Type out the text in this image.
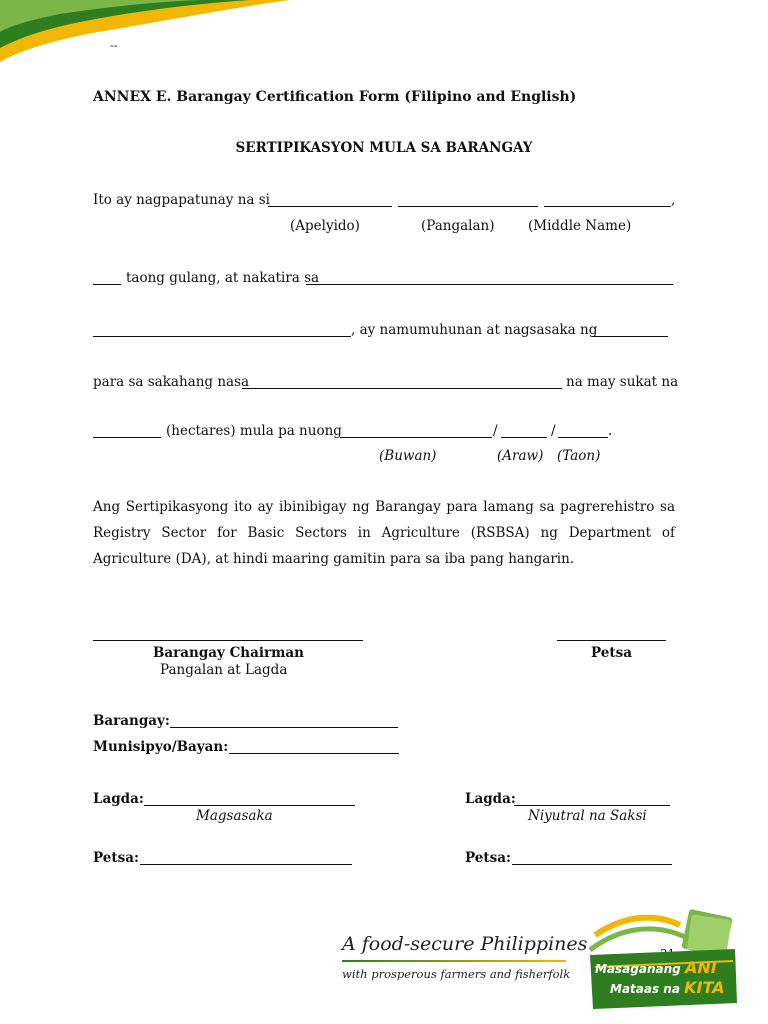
--
ANNEX E. Barangay Certification Form (Filipino and English)
SERTIPIKASYON MULA SA BARANGAY
Ito ay nagpapatunay na si	,
(Apelyido)	(Pangalan) (Middle Name)
taong gulang, at nakatira sa
, ay namumuhunan at nagsasaka ng
para sa sakahang nasa	na may sukat na
(hectares) mula pa nuong	/	/	.
(Buwan)	(Araw) (Taon)
Ang Sertipikasyong ito ay ibinibigay ng Barangay para lamang sa pagrerehistro sa Registry Sector for Basic Sectors in Agriculture (RSBSA) ng Department of Agriculture (DA), at hindi maaring gamitin para sa iba pang hangarin.
Barangay Chairman
Pangalan at Lagda
Petsa
Barangay:
Munisipyo/Bayan:
Lagda:
Magsasaka
Lagda:
Niyutral na Saksi
Petsa:	Petsa:
A food-secure Philippines
with prosperous farmers and fisherfolk Masaganang ANI
Mataas na KITA
